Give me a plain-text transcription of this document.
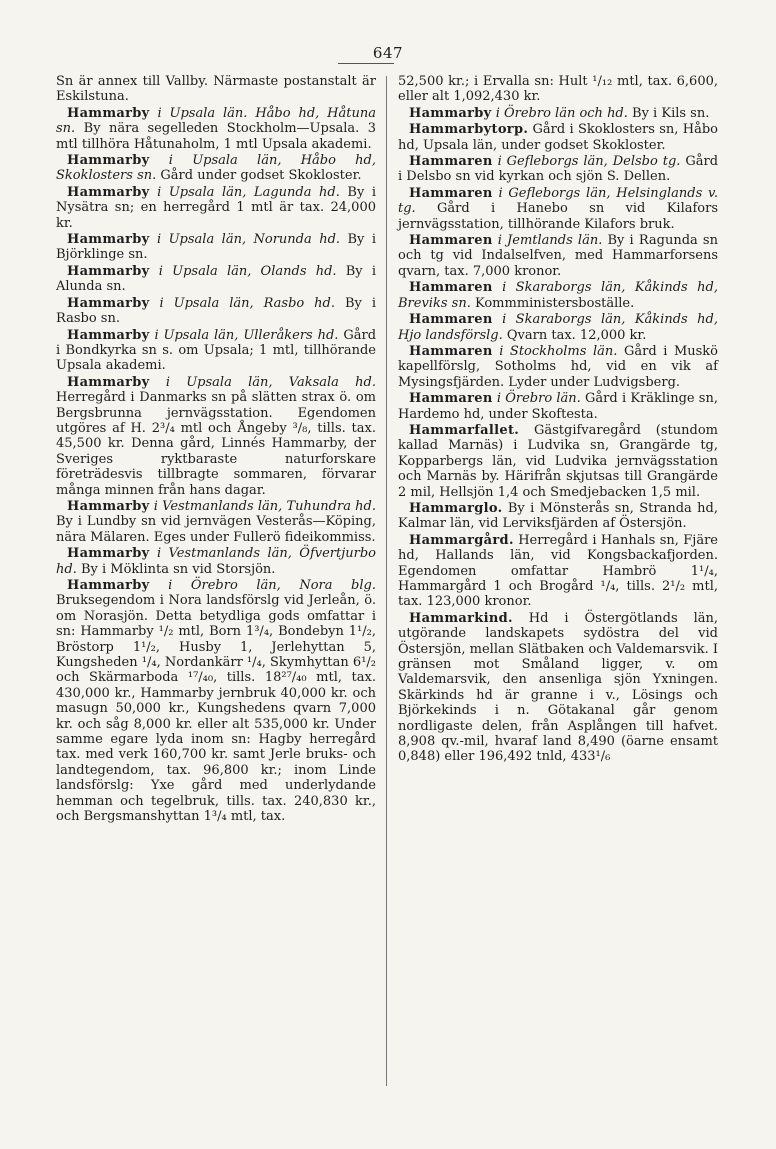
647

Sn är annex till Vallby. Närmaste postanstalt är Eskilstuna.

Hammarby i Upsala län. Håbo hd, Håtuna sn. By nära segelleden Stockholm—Upsala. 3 mtl tillhöra Håtunaholm, 1 mtl Upsala akademi.

Hammarby i Upsala län, Håbo hd, Skoklosters sn. Gård under godset Skokloster.

Hammarby i Upsala län, Lagunda hd. By i Nysätra sn; en herregård 1 mtl är tax. 24,000 kr.

Hammarby i Upsala län, Norunda hd. By i Björklinge sn.

Hammarby i Upsala län, Olands hd. By i Alunda sn.

Hammarby i Upsala län, Rasbo hd. By i Rasbo sn.

Hammarby i Upsala län, Ulleråkers hd. Gård i Bondkyrka sn s. om Upsala; 1 mtl, tillhörande Upsala akademi.

Hammarby i Upsala län, Vaksala hd. Herregård i Danmarks sn på slätten strax ö. om Bergsbrunna jernvägsstation. Egendomen utgöres af H. 2³/₄ mtl och Ångeby ³/₈, tills. tax. 45,500 kr. Denna gård, Linnés Hammarby, der Sveriges ryktbaraste naturforskare företrädesvis tillbragte sommaren, förvarar många minnen från hans dagar.

Hammarby i Vestmanlands län, Tuhundra hd. By i Lundby sn vid jernvägen Vesterås—Köping, nära Mälaren. Eges under Fullerö fideikommiss.

Hammarby i Vestmanlands län, Öfvertjurbo hd. By i Möklinta sn vid Storsjön.

Hammarby i Örebro län, Nora blg. Bruksegendom i Nora landsförslg vid Jerleån, ö. om Norasjön. Detta betydliga gods omfattar i sn: Hammarby ¹/₂ mtl, Born 1³/₄, Bondebyn 1¹/₂, Bröstorp 1¹/₂, Husby 1, Jerlehyttan 5, Kungsheden ¹/₄, Nordankärr ¹/₄, Skymhyttan 6¹/₂ och Skärmarboda ¹⁷/₄₀, tills. 18²⁷/₄₀ mtl, tax. 430,000 kr., Hammarby jernbruk 40,000 kr. och masugn 50,000 kr., Kungshedens qvarn 7,000 kr. och såg 8,000 kr. eller alt 535,000 kr. Under samme egare lyda inom sn: Hagby herregård tax. med verk 160,700 kr. samt Jerle bruks- och landtegendom, tax. 96,800 kr.; inom Linde landsförslg: Yxe gård med underlydande hemman och tegelbruk, tills. tax. 240,830 kr., och Bergsmanshyttan 1³/₄ mtl, tax.

52,500 kr.; i Ervalla sn: Hult ¹/₁₂ mtl, tax. 6,600, eller alt 1,092,430 kr.

Hammarby i Örebro län och hd. By i Kils sn.

Hammarbytorp. Gård i Skoklosters sn, Håbo hd, Upsala län, under godset Skokloster.

Hammaren i Gefleborgs län, Delsbo tg. Gård i Delsbo sn vid kyrkan och sjön S. Dellen.

Hammaren i Gefleborgs län, Helsinglands v. tg. Gård i Hanebo sn vid Kilafors jernvägsstation, tillhörande Kilafors bruk.

Hammaren i Jemtlands län. By i Ragunda sn och tg vid Indalselfven, med Hammarforsens qvarn, tax. 7,000 kronor.

Hammaren i Skaraborgs län, Kåkinds hd, Breviks sn. Kommministersboställe.

Hammaren i Skaraborgs län, Kåkinds hd, Hjo landsförslg. Qvarn tax. 12,000 kr.

Hammaren i Stockholms län. Gård i Muskö kapellförslg, Sotholms hd, vid en vik af Mysingsfjärden. Lyder under Ludvigsberg.

Hammaren i Örebro län. Gård i Kräklinge sn, Hardemo hd, under Skoftesta.

Hammarfallet. Gästgifvaregård (stundom kallad Marnäs) i Ludvika sn, Grangärde tg, Kopparbergs län, vid Ludvika jernvägsstation och Marnäs by. Härifrån skjutsas till Grangärde 2 mil, Hellsjön 1,4 och Smedjebacken 1,5 mil.

Hammarglo. By i Mönsterås sn, Stranda hd, Kalmar län, vid Lerviksfjärden af Östersjön.

Hammargård. Herregård i Hanhals sn, Fjäre hd, Hallands län, vid Kongsbackafjorden. Egendomen omfattar Hambrö 1¹/₄, Hammargård 1 och Brogård ¹/₄, tills. 2¹/₂ mtl, tax. 123,000 kronor.

Hammarkind. Hd i Östergötlands län, utgörande landskapets sydöstra del vid Östersjön, mellan Slätbaken och Valdemarsvik. I gränsen mot Småland ligger, v. om Valdemarsvik, den ansenliga sjön Yxningen. Skärkinds hd är granne i v., Lösings och Björkekinds i n. Götakanal går genom nordligaste delen, från Asplången till hafvet. 8,908 qv.-mil, hvaraf land 8,490 (öarne ensamt 0,848) eller 196,492 tnld, 433¹/₆
